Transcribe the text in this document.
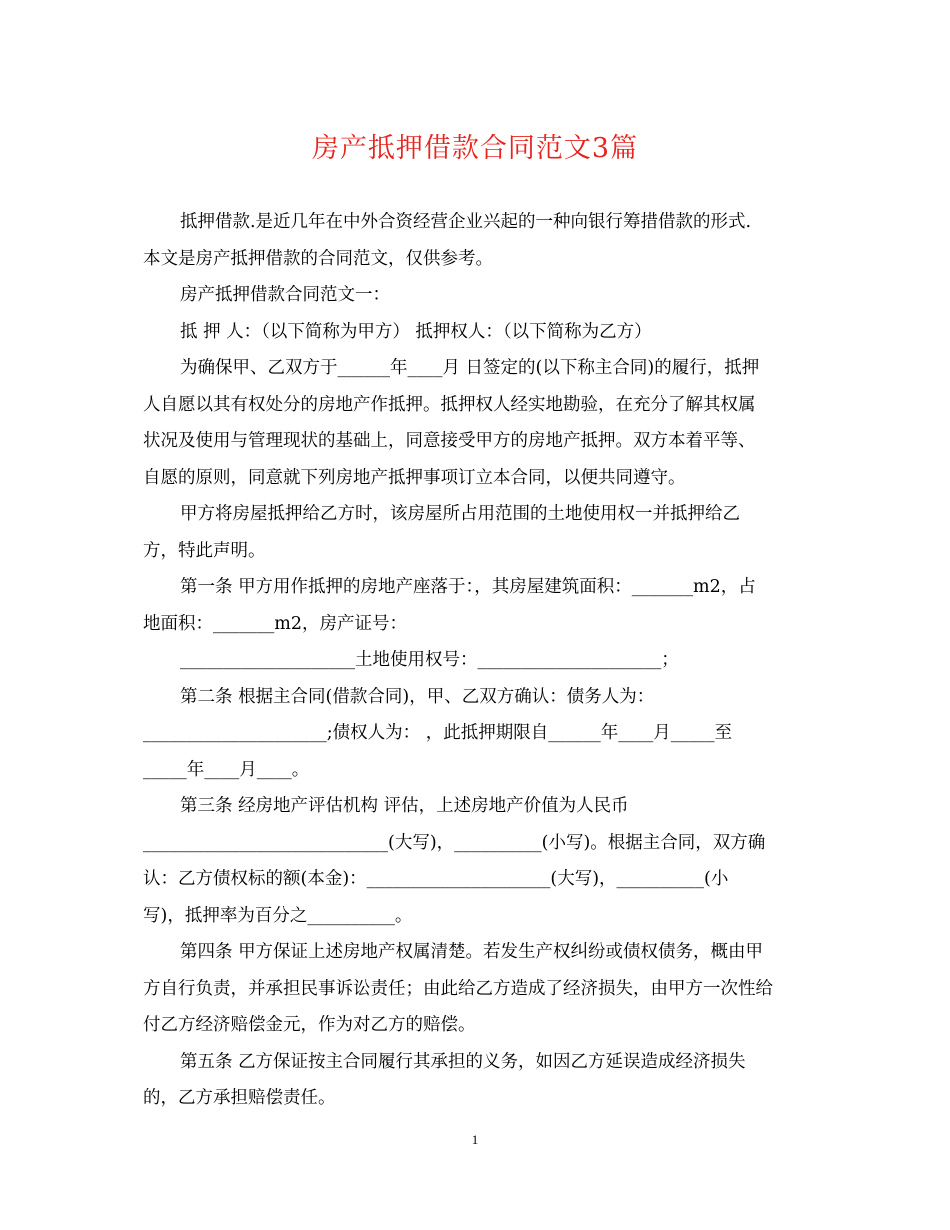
房产抵押借款合同范文3篇
抵押借款.是近几年在中外合资经营企业兴起的一种向银行筹措借款的形式.
本文是房产抵押借款的合同范文，仅供参考。
房产抵押借款合同范文一：
抵 押 人：（以下简称为甲方） 抵押权人：（以下简称为乙方）
为确保甲、乙双方于______年____月 日签定的(以下称主合同)的履行，抵押
人自愿以其有权处分的房地产作抵押。抵押权人经实地勘验，在充分了解其权属
状况及使用与管理现状的基础上，同意接受甲方的房地产抵押。双方本着平等、
自愿的原则，同意就下列房地产抵押事项订立本合同，以便共同遵守。
甲方将房屋抵押给乙方时，该房屋所占用范围的土地使用权一并抵押给乙
方，特此声明。
第一条 甲方用作抵押的房地产座落于：，其房屋建筑面积：_______m2，占
地面积：_______m2，房产证号：
____________________土地使用权号：_____________________；
第二条 根据主合同(借款合同)，甲、乙双方确认：债务人为：
_____________________;债权人为： ，此抵押期限自______年____月_____至
_____年____月____。
第三条 经房地产评估机构 评估，上述房地产价值为人民币
____________________________(大写)，__________(小写)。根据主合同，双方确
认：乙方债权标的额(本金)：_____________________(大写)，__________(小
写)，抵押率为百分之__________。
第四条 甲方保证上述房地产权属清楚。若发生产权纠纷或债权债务，概由甲
方自行负责，并承担民事诉讼责任；由此给乙方造成了经济损失，由甲方一次性给
付乙方经济赔偿金元，作为对乙方的赔偿。
第五条 乙方保证按主合同履行其承担的义务，如因乙方延误造成经济损失
的，乙方承担赔偿责任。
1
